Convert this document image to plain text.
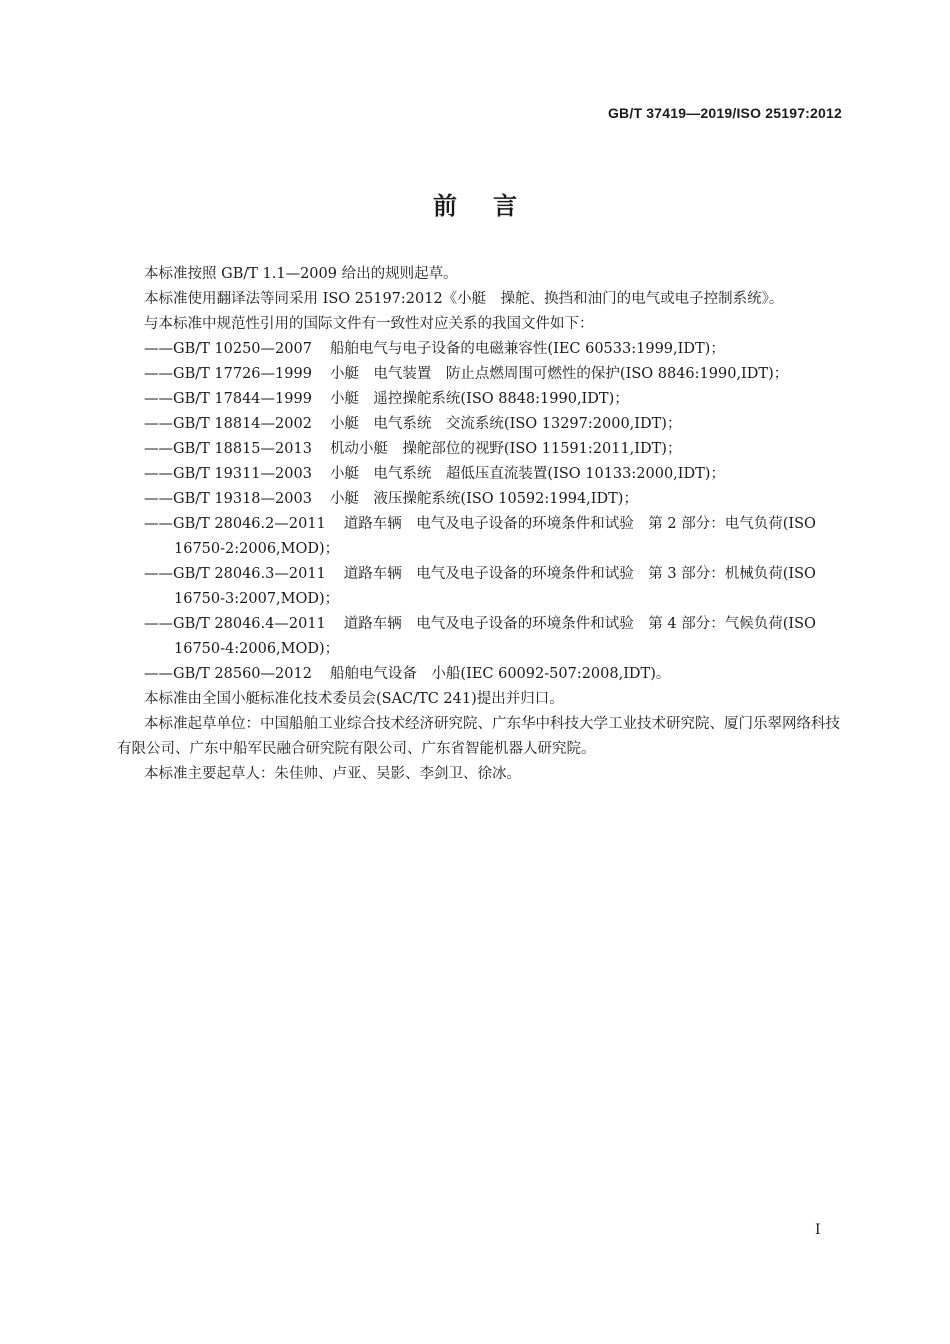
GB/T 37419—2019/ISO 25197:2012
前言

本标准按照 GB/T 1.1—2009 给出的规则起草。

本标准使用翻译法等同采用 ISO 25197:2012《小艇　操舵、换挡和油门的电气或电子控制系统》。

与本标准中规范性引用的国际文件有一致性对应关系的我国文件如下：

——GB/T 10250—2007 船舶电气与电子设备的电磁兼容性(IEC 60533:1999,IDT)；

——GB/T 17726—1999 小艇　电气装置　防止点燃周围可燃性的保护(ISO 8846:1990,IDT)；

——GB/T 17844—1999 小艇　遥控操舵系统(ISO 8848:1990,IDT)；

——GB/T 18814—2002 小艇　电气系统　交流系统(ISO 13297:2000,IDT)；

——GB/T 18815—2013 机动小艇　操舵部位的视野(ISO 11591:2011,IDT)；

——GB/T 19311—2003 小艇　电气系统　超低压直流装置(ISO 10133:2000,IDT)；

——GB/T 19318—2003 小艇　液压操舵系统(ISO 10592:1994,IDT)；

——GB/T 28046.2—2011 道路车辆　电气及电子设备的环境条件和试验　第 2 部分：电气负荷(ISO 16750-2:2006,MOD)；

——GB/T 28046.3—2011 道路车辆　电气及电子设备的环境条件和试验　第 3 部分：机械负荷(ISO 16750-3:2007,MOD)；

——GB/T 28046.4—2011 道路车辆　电气及电子设备的环境条件和试验　第 4 部分：气候负荷(ISO 16750-4:2006,MOD)；

——GB/T 28560—2012 船舶电气设备　小船(IEC 60092-507:2008,IDT)。

本标准由全国小艇标准化技术委员会(SAC/TC 241)提出并归口。

本标准起草单位：中国船舶工业综合技术经济研究院、广东华中科技大学工业技术研究院、厦门乐翠网络科技有限公司、广东中船军民融合研究院有限公司、广东省智能机器人研究院。

本标准主要起草人：朱佳帅、卢亚、吴影、李剑卫、徐冰。

I
